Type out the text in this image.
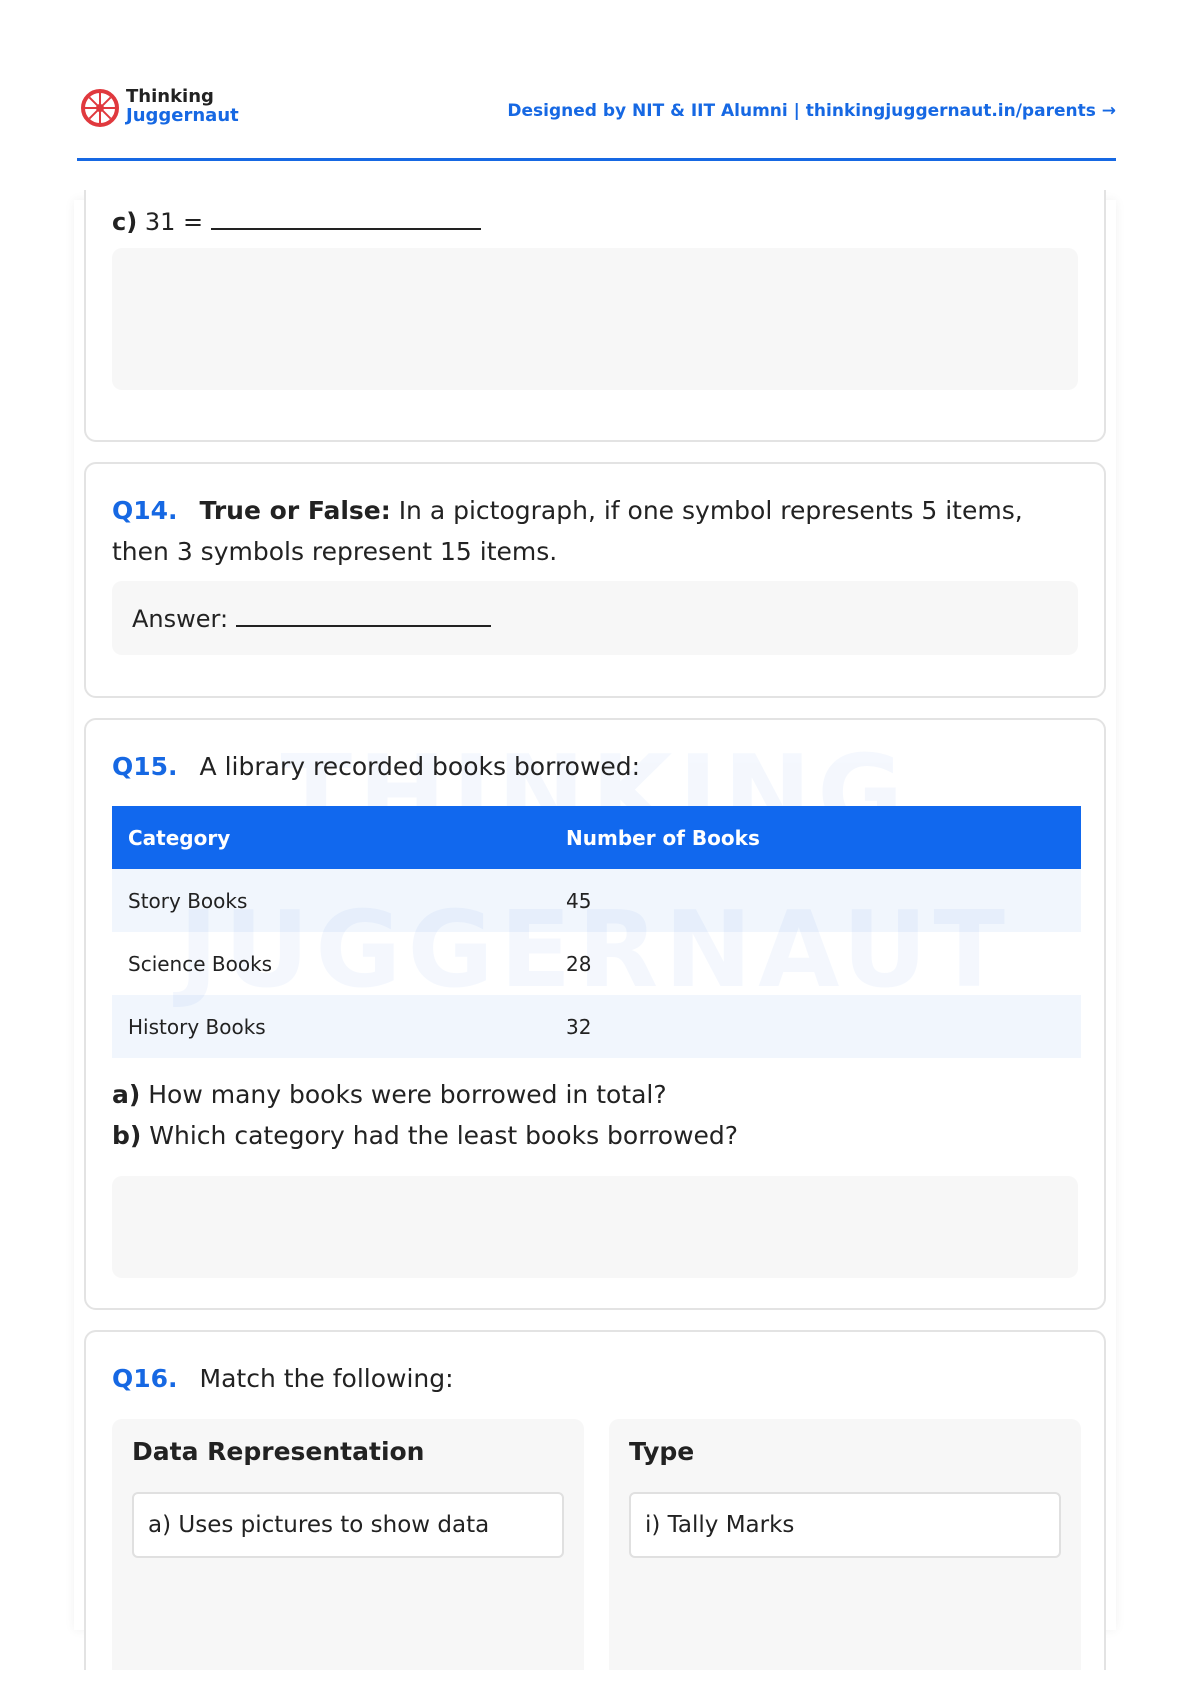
Thinking
Juggernaut	Designed by NIT & IIT Alumni | thinkingjuggernaut.in/parents →
c) 31 =
Q14. True or False: In a pictograph, if one symbol represents 5 items, then 3 symbols represent 15 items.
Answer:
Q15. A library recorded books borrowed:
Category	Number of Books
Story Books	45
Science Books	28
History Books	32
a) How many books were borrowed in total?
b) Which category had the least books borrowed?
Q16. Match the following:
Data Representation
a) Uses pictures to show data
Type
i) Tally Marks
